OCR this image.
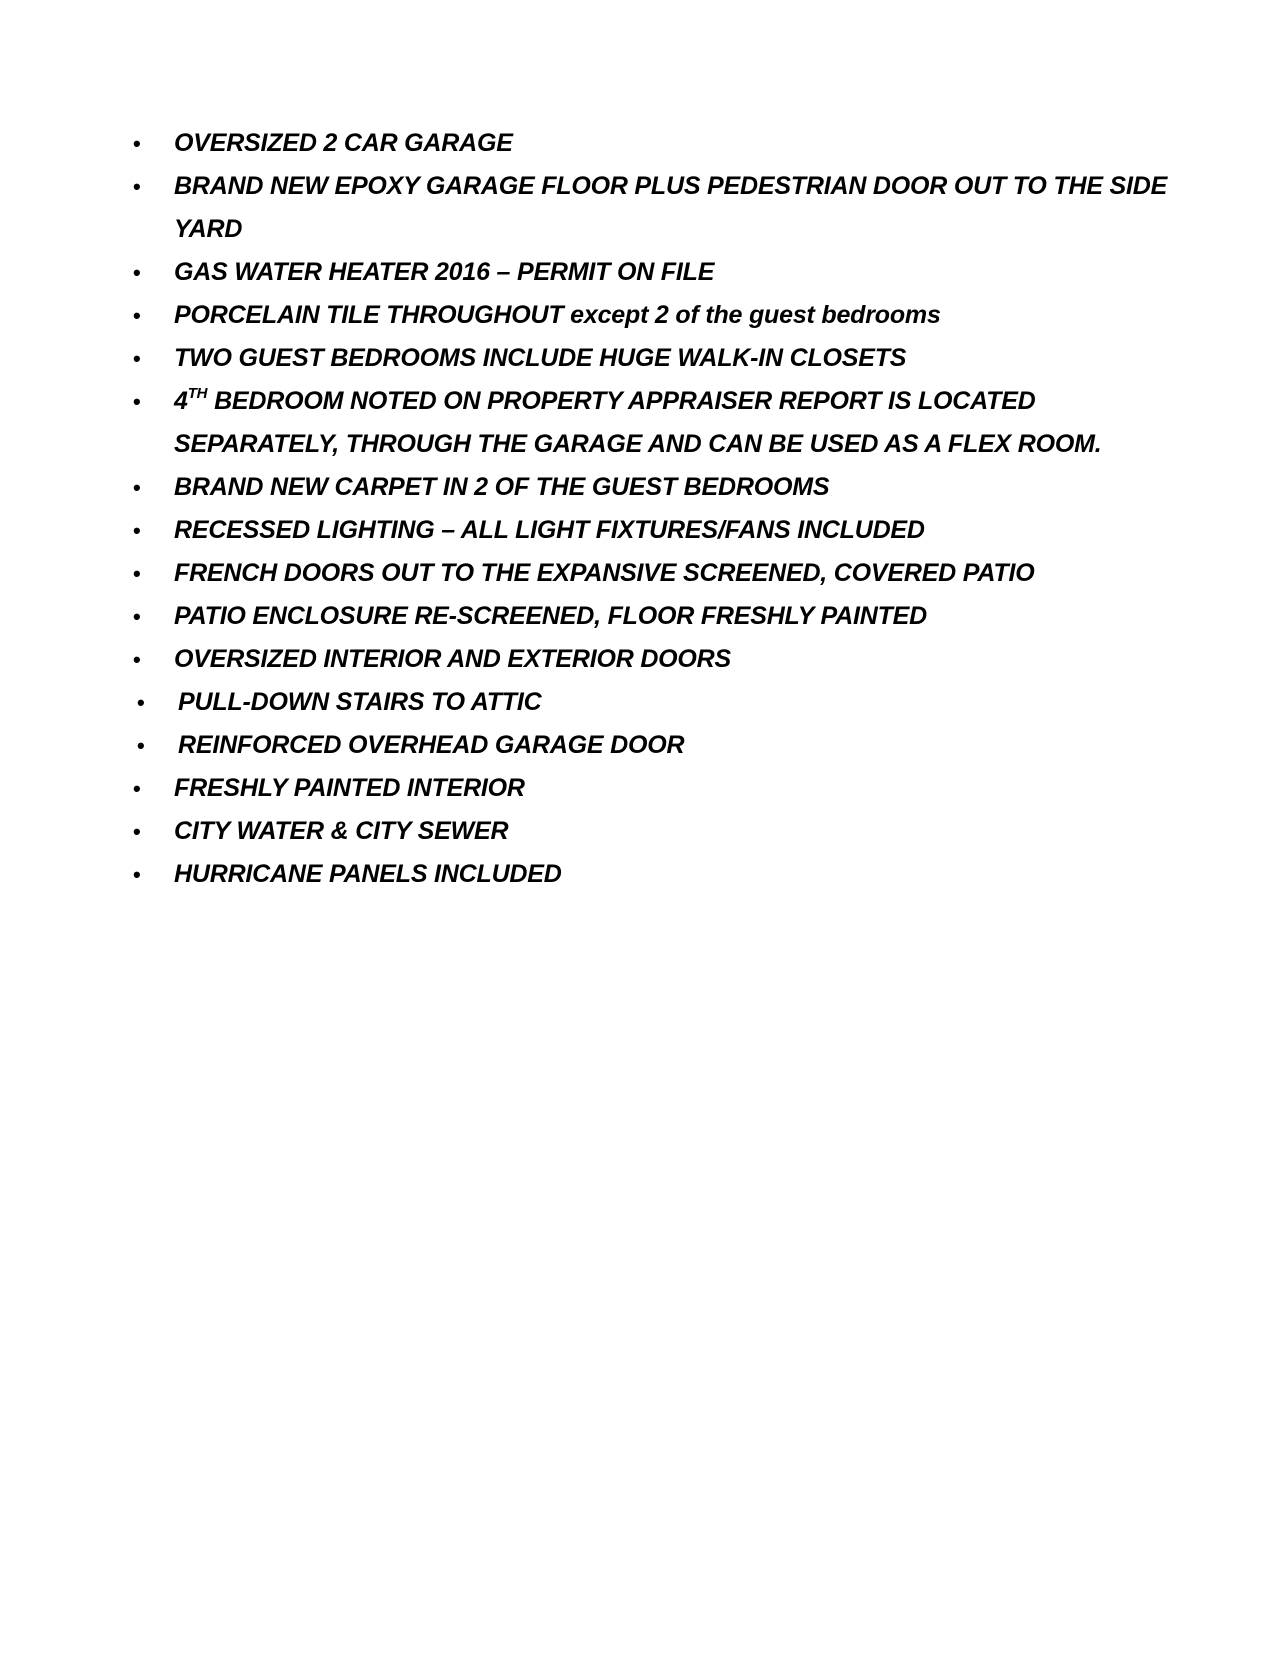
• OVERSIZED 2 CAR GARAGE
• BRAND NEW EPOXY GARAGE FLOOR PLUS PEDESTRIAN DOOR OUT TO THE SIDE
YARD
• GAS WATER HEATER 2016 – PERMIT ON FILE
• PORCELAIN TILE THROUGHOUT except 2 of the guest bedrooms
• TWO GUEST BEDROOMS INCLUDE HUGE WALK-IN CLOSETS
• 4TH BEDROOM NOTED ON PROPERTY APPRAISER REPORT IS LOCATED
SEPARATELY, THROUGH THE GARAGE AND CAN BE USED AS A FLEX ROOM.
• BRAND NEW CARPET IN 2 OF THE GUEST BEDROOMS
• RECESSED LIGHTING – ALL LIGHT FIXTURES/FANS INCLUDED
• FRENCH DOORS OUT TO THE EXPANSIVE SCREENED, COVERED PATIO
• PATIO ENCLOSURE RE-SCREENED, FLOOR FRESHLY PAINTED
• OVERSIZED INTERIOR AND EXTERIOR DOORS
• PULL-DOWN STAIRS TO ATTIC
• REINFORCED OVERHEAD GARAGE DOOR
• FRESHLY PAINTED INTERIOR
• CITY WATER & CITY SEWER
• HURRICANE PANELS INCLUDED
